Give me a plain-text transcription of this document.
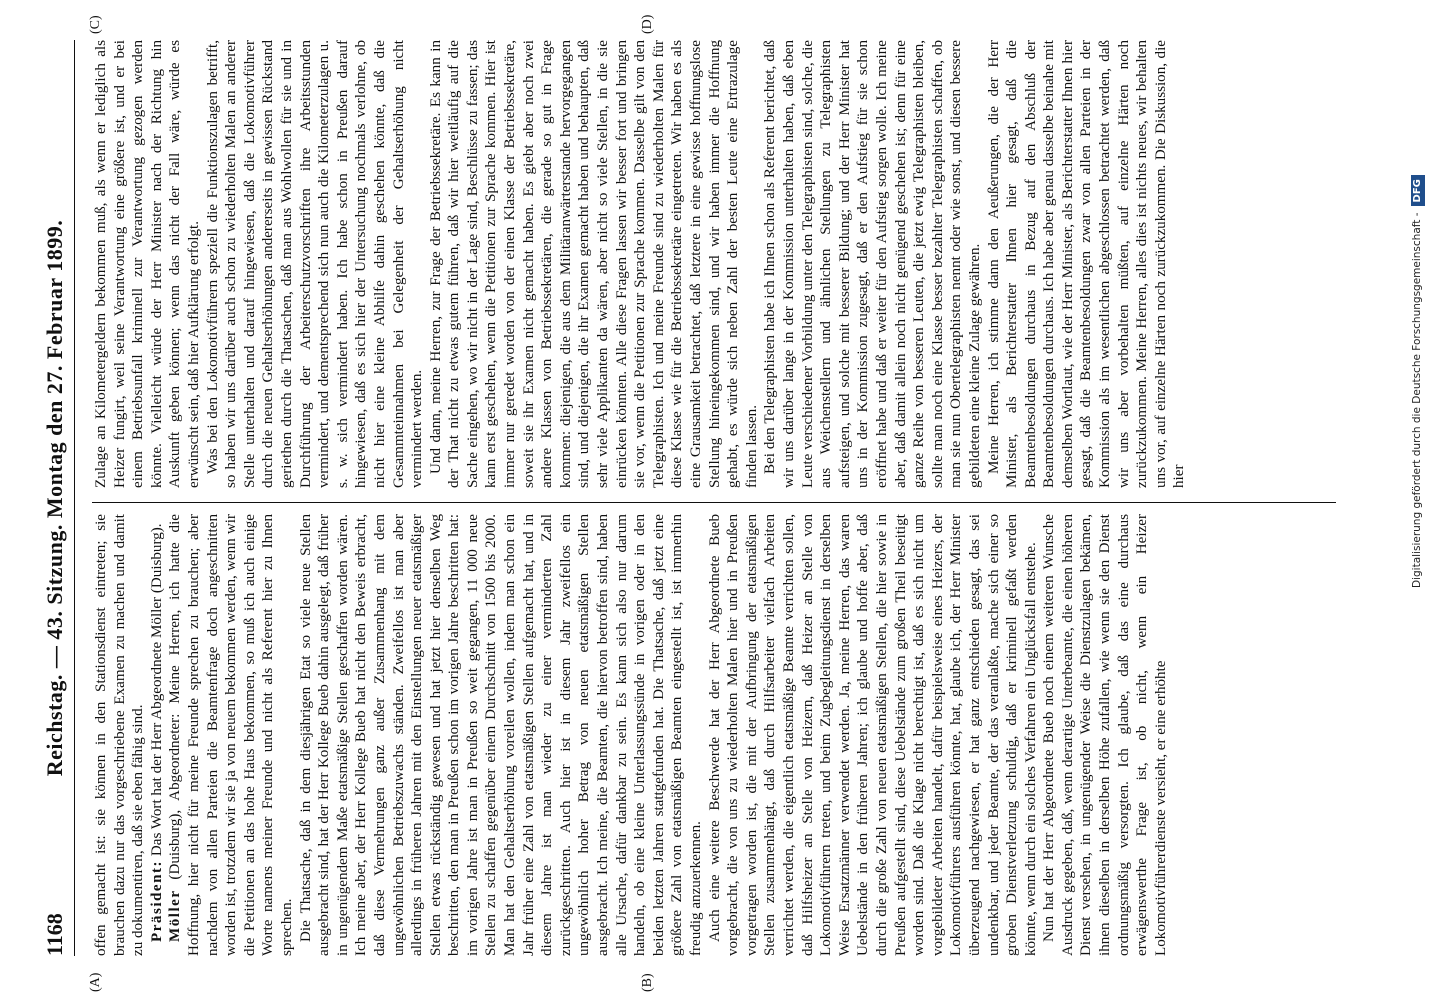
1168
Reichstag. — 43. Sitzung. Montag den 27. Februar 1899.
(A)	(B)
(C)	(D)

offen gemacht ist: sie können in den Stationsdienst eintreten; sie brauchen dazu nur das vorgeschriebene Examen zu machen und damit zu dokumentiren, daß sie eben fähig sind. Präsident: Das Wort hat der Herr Abgeordnete Möller (Duisburg).

Möller (Duisburg), Abgeordneter: Meine Herren, ich hatte die Hoffnung, hier nicht für meine Freunde sprechen zu brauchen; aber nachdem von allen Parteien die Beamtenfrage doch angeschnitten worden ist, trotzdem wir sie ja von neuem bekommen werden, wenn wir die Petitionen an das hohe Haus bekommen, so muß ich auch einige Worte namens meiner Freunde und nicht als Referent hier zu Ihnen sprechen. Die Thatsache, daß in dem diesjährigen Etat so viele neue Stellen ausgebracht sind, hat der Herr Kollege Bueb dahin ausgelegt, daß früher in ungenügendem Maße etatsmäßige Stellen geschaffen worden wären. Ich meine aber, der Herr Kollege Bueb hat nicht den Beweis erbracht, daß diese Vermehrungen ganz außer Zusammenhang mit dem ungewöhnlichen Betriebszuwachs ständen. Zweifellos ist man aber allerdings in früheren Jahren mit den Einstellungen neuer etatsmäßiger Stellen etwas rückständig gewesen und hat jetzt hier denselben Weg beschritten, den man in Preußen schon im vorigen Jahre beschritten hat: im vorigen Jahre ist man in Preußen so weit gegangen, 11 000 neue Stellen zu schaffen gegenüber einem Durchschnitt von 1500 bis 2000. Man hat den Gehaltserhöhung voreilen wollen, indem man schon ein Jahr früher eine Zahl von etatsmäßigen Stellen aufgemacht hat, und in diesem Jahre ist man wieder zu einer verminderten Zahl zurückgeschritten. Auch hier ist in diesem Jahr zweifellos ein ungewöhnlich hoher Betrag von neuen etatsmäßigen Stellen ausgebracht. Ich meine, die Beamten, die hiervon betroffen sind, haben alle Ursache, dafür dankbar zu sein. Es kann sich also nur darum handeln, ob eine kleine Unterlassungssünde in vorigen oder in den beiden letzten Jahren stattgefunden hat. Die Thatsache, daß jetzt eine größere Zahl von etatsmäßigen Beamten eingestellt ist, ist immerhin freudig anzuerkennen. Auch eine weitere Beschwerde hat der Herr Abgeordnete Bueb vorgebracht, die von uns zu wiederholten Malen hier und in Preußen vorgetragen worden ist, die mit der Aufbringung der etatsmäßigen Stellen zusammenhängt, daß durch Hilfsarbeiter vielfach Arbeiten verrichtet werden, die eigentlich etatsmäßige Beamte verrichten sollen, daß Hilfsheizer an Stelle von Heizern, daß Heizer an Stelle von Lokomotivführern treten, und beim Zugbegleitungsdienst in derselben Weise Ersatzmänner verwendet werden. Ja, meine Herren, das waren Uebelstände in den früheren Jahren; ich glaube und hoffe aber, daß durch die große Zahl von neuen etatsmäßigen Stellen, die hier sowie in Preußen aufgestellt sind, diese Uebelstände zum großen Theil beseitigt worden sind. Daß die Klage nicht berechtigt ist, daß es sich nicht um vorgebildeter Arbeiten handelt, dafür beispielsweise eines Heizers, der Lokomotivführers ausführen könnte, hat, glaube ich, der Herr Minister überzeugend nachgewiesen, er hat ganz entschieden gesagt, das sei undenkbar, und jeder Beamte, der das veranlaßte, mache sich einer so groben Dienstverletzung schuldig, daß er kriminell gefaßt werden könnte, wenn durch ein solches Verfahren ein Unglücksfall entstehe. Nun hat der Herr Abgeordnete Bueb noch einem weiteren Wunsche Ausdruck gegeben, daß, wenn derartige Unterbeamte, die einen höheren Dienst versehen, in ungenügender Weise die Dienstzulagen bekämen, ihnen dieselben in derselben Höhe zufallen, wie wenn sie den Dienst ordnungsmäßig versorgten. Ich glaube, daß das eine durchaus erwägenswerthe Frage ist, ob nicht, wenn ein Heizer Lokomotivführerdienste versieht, er eine erhöhte

Zulage an Kilometergeldern bekommen muß, als wenn er lediglich als Heizer fungirt, weil seine Verantwortung eine größere ist, und er bei einem Betriebsunfall kriminell zur Verantwortung gezogen werden könnte. Vielleicht würde der Herr Minister nach der Richtung hin Auskunft geben können; wenn das nicht der Fall wäre, würde es erwünscht sein, daß hier Aufklärung erfolgt. Was bei den Lokomotivführern speziell die Funktionszulagen betrifft, so haben wir uns darüber auch schon zu wiederholten Malen an anderer Stelle unterhalten und darauf hingewiesen, daß die Lokomotivführer durch die neuen Gehaltserhöhungen andererseits in gewissen Rückstand geriethen durch die Thatsachen, daß man aus Wohlwollen für sie und in Durchführung der Arbeiterschutzvorschriften ihre Arbeitsstunden vermindert, und dementsprechend sich nun auch die Kilometerzulagen u. s. w. sich vermindert haben. Ich habe schon in Preußen darauf hingewiesen, daß es sich hier der Untersuchung nochmals verlohne, ob nicht hier eine kleine Abhilfe dahin geschehen könnte, daß die Gesammteinnahmen bei Gelegenheit der Gehaltserhöhung nicht vermindert werden. Und dann, meine Herren, zur Frage der Betriebssekretäre. Es kann in der That nicht zu etwas gutem führen, daß wir hier weitläufig auf die Sache eingehen, wo wir nicht in der Lage sind, Beschlüsse zu fassen; das kann erst geschehen, wenn die Petitionen zur Sprache kommen. Hier ist immer nur geredet worden von der einen Klasse der Betriebssekretäre, soweit sie ihr Examen nicht gemacht haben. Es giebt aber noch zwei andere Klassen von Betriebssekretären, die gerade so gut in Frage kommen: diejenigen, die aus dem Militäranwärterstande hervorgegangen sind, und diejenigen, die ihr Examen gemacht haben und behaupten, daß sehr viele Applikanten da wären, aber nicht so viele Stellen, in die sie einrücken könnten. Alle diese Fragen lassen wir besser fort und bringen sie vor, wenn die Petitionen zur Sprache kommen. Dasselbe gilt von den Telegraphisten. Ich und meine Freunde sind zu wiederholten Malen für diese Klasse wie für die Betriebssekretäre eingetreten. Wir haben es als eine Grausamkeit betrachtet, daß letztere in eine gewisse hoffnungslose Stellung hineingekommen sind, und wir haben immer die Hoffnung gehabt, es würde sich neben Zahl der besten Leute eine Ertrazulage finden lassen. Bei den Telegraphisten habe ich Ihnen schon als Referent berichtet, daß wir uns darüber lange in der Kommission unterhalten haben, daß eben Leute verschiedener Vorbildung unter den Telegraphisten sind, solche, die aus Weichenstellern und ähnlichen Stellungen zu Telegraphisten aufsteigen, und solche mit besserer Bildung; und der Herr Minister hat uns in der Kommission zugesagt, daß er den Aufstieg für sie schon eröffnet habe und daß er weiter für den Aufstieg sorgen wolle. Ich meine aber, daß damit allein noch nicht genügend geschehen ist; denn für eine ganze Reihe von besseren Leuten, die jetzt ewig Telegraphisten bleiben, sollte man noch eine Klasse besser bezahlter Telegraphisten schaffen, ob man sie nun Obertelegraphisten nennt oder wie sonst, und diesen bessere gebildeten eine kleine Zulage gewähren. Meine Herren, ich stimme dann den Aeußerungen, die der Herr Minister, als Berichterstatter Ihnen hier gesagt, daß die Beamtenbesoldungen durchaus in Bezug auf den Abschluß der Beamtenbesoldungen durchaus. Ich habe aber genau dasselbe beinahe mit demselben Wortlaut, wie der Herr Minister, als Berichterstatter Ihnen hier gesagt, daß die Beamtenbesoldungen zwar von allen Parteien in der Kommission als im wesentlichen abgeschlossen betrachtet werden, daß wir uns aber vorbehalten müßten, auf einzelne Härten noch zurückzukommen. Meine Herren, alles dies ist nichts neues, wir behalten uns vor, auf einzelne Härten noch zurückzukommen. Die Diskussion, die hier	Digitalisierung gefördert durch die Deutsche Forschungsgemeinschaft -DFG
